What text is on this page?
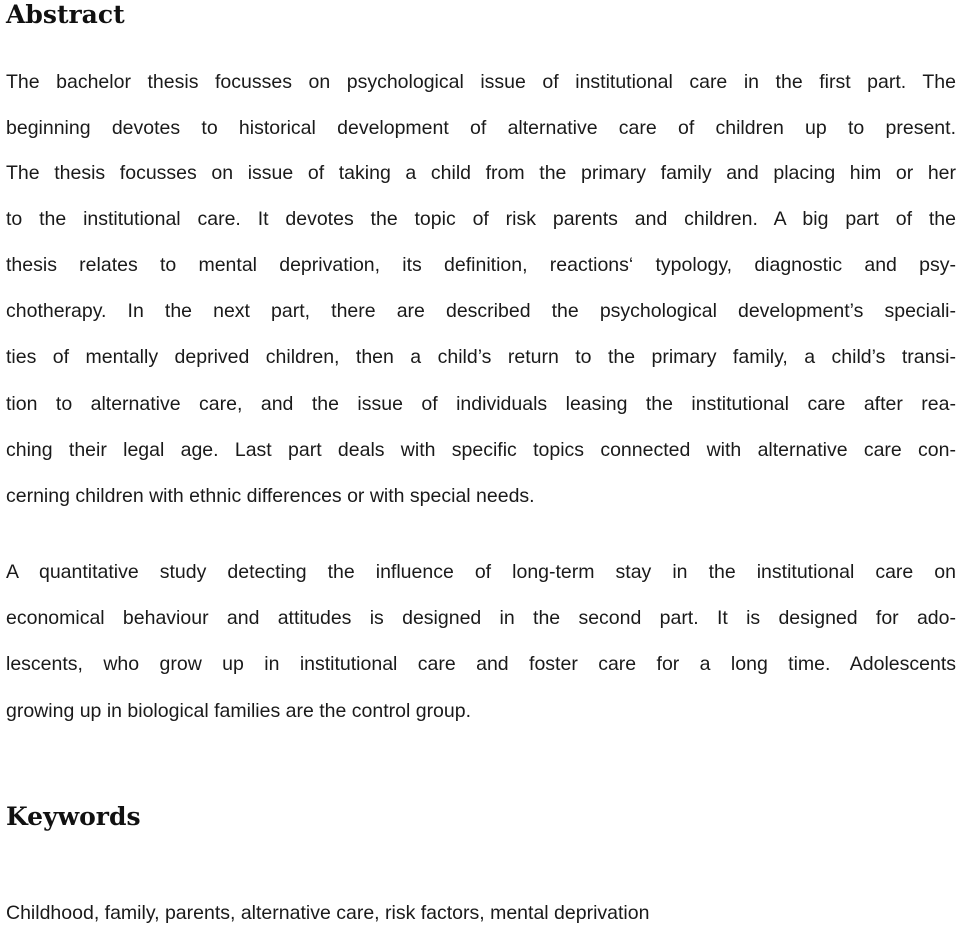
Abstract
The bachelor thesis focusses on psychological issue of institutional care in the first part. The
beginning devotes to historical development of alternative care of children up to present.
The thesis focusses on issue of taking a child from the primary family and placing him or her
to the institutional care. It devotes the topic of risk parents and children. A big part of the
thesis relates to mental deprivation, its definition, reactions‘ typology, diagnostic and psy-
chotherapy. In the next part, there are described the psychological development’s speciali-
ties of mentally deprived children, then a child’s return to the primary family, a child’s transi-
tion to alternative care, and the issue of individuals leasing the institutional care after rea-
ching their legal age. Last part deals with specific topics connected with alternative care con-
cerning children with ethnic differences or with special needs.
A quantitative study detecting the influence of long-term stay in the institutional care on
economical behaviour and attitudes is designed in the second part. It is designed for ado-
lescents, who grow up in institutional care and foster care for a long time. Adolescents
growing up in biological families are the control group.
Keywords
Childhood, family, parents, alternative care, risk factors, mental deprivation
